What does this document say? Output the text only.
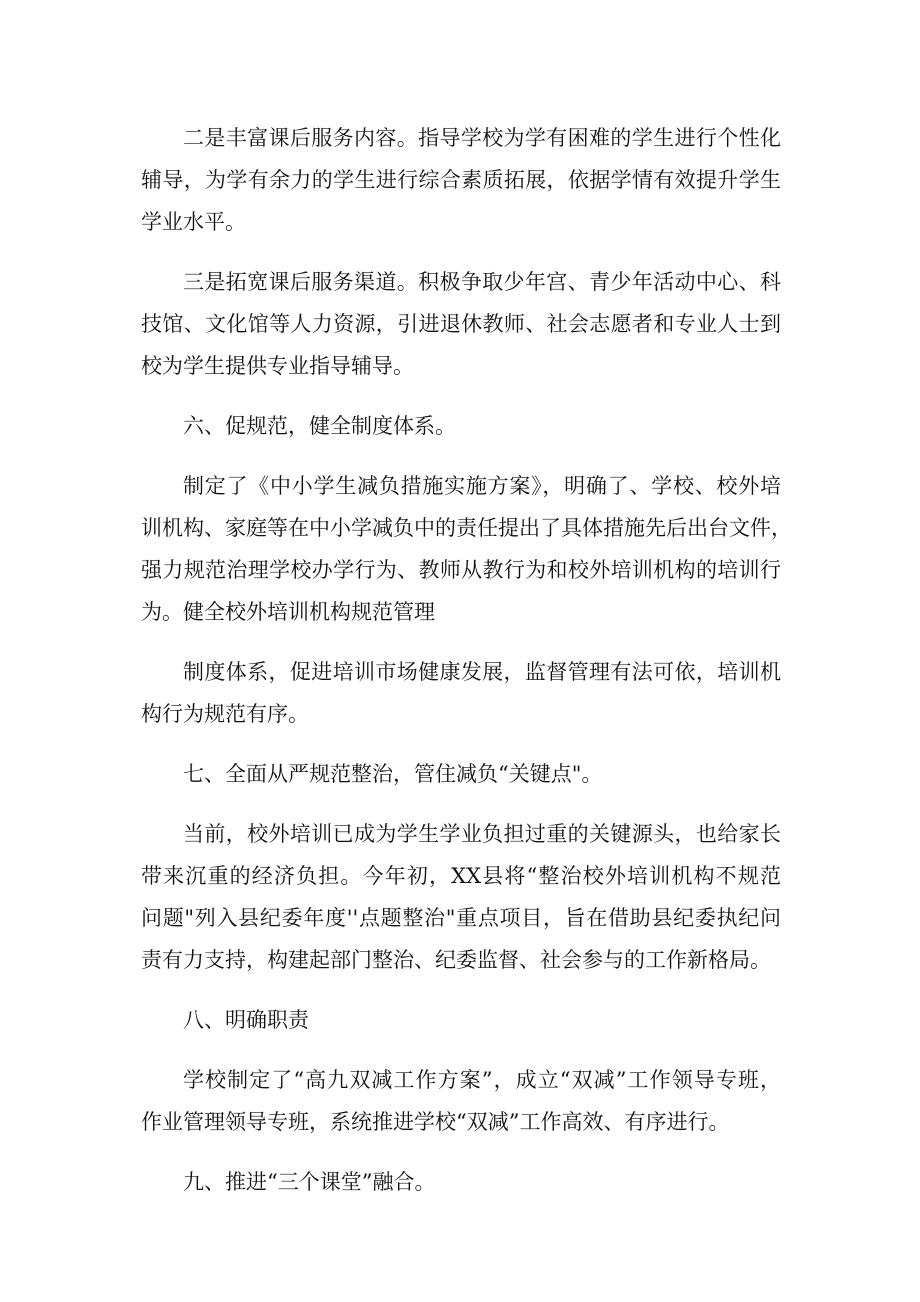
二是丰富课后服务内容。指导学校为学有困难的学生进行个性化
辅导，为学有余力的学生进行综合素质拓展，依据学情有效提升学生
学业水平。
三是拓宽课后服务渠道。积极争取少年宫、青少年活动中心、科
技馆、文化馆等人力资源，引进退休教师、社会志愿者和专业人士到
校为学生提供专业指导辅导。
六、促规范，健全制度体系。
制定了《中小学生减负措施实施方案》，明确了、学校、校外培
训机构、家庭等在中小学减负中的责任提出了具体措施先后出台文件，
强力规范治理学校办学行为、教师从教行为和校外培训机构的培训行
为。健全校外培训机构规范管理
制度体系，促进培训市场健康发展，监督管理有法可依，培训机
构行为规范有序。
七、全面从严规范整治，管住减负“关键点"。
当前，校外培训已成为学生学业负担过重的关键源头，也给家长
带来沉重的经济负担。今年初，XX县将“整治校外培训机构不规范
问题"列入县纪委年度''点题整治"重点项目，旨在借助县纪委执纪问
责有力支持，构建起部门整治、纪委监督、社会参与的工作新格局。
八、明确职责
学校制定了“高九双减工作方案”，成立“双减”工作领导专班，
作业管理领导专班，系统推进学校“双减”工作高效、有序进行。
九、推进“三个课堂”融合。
